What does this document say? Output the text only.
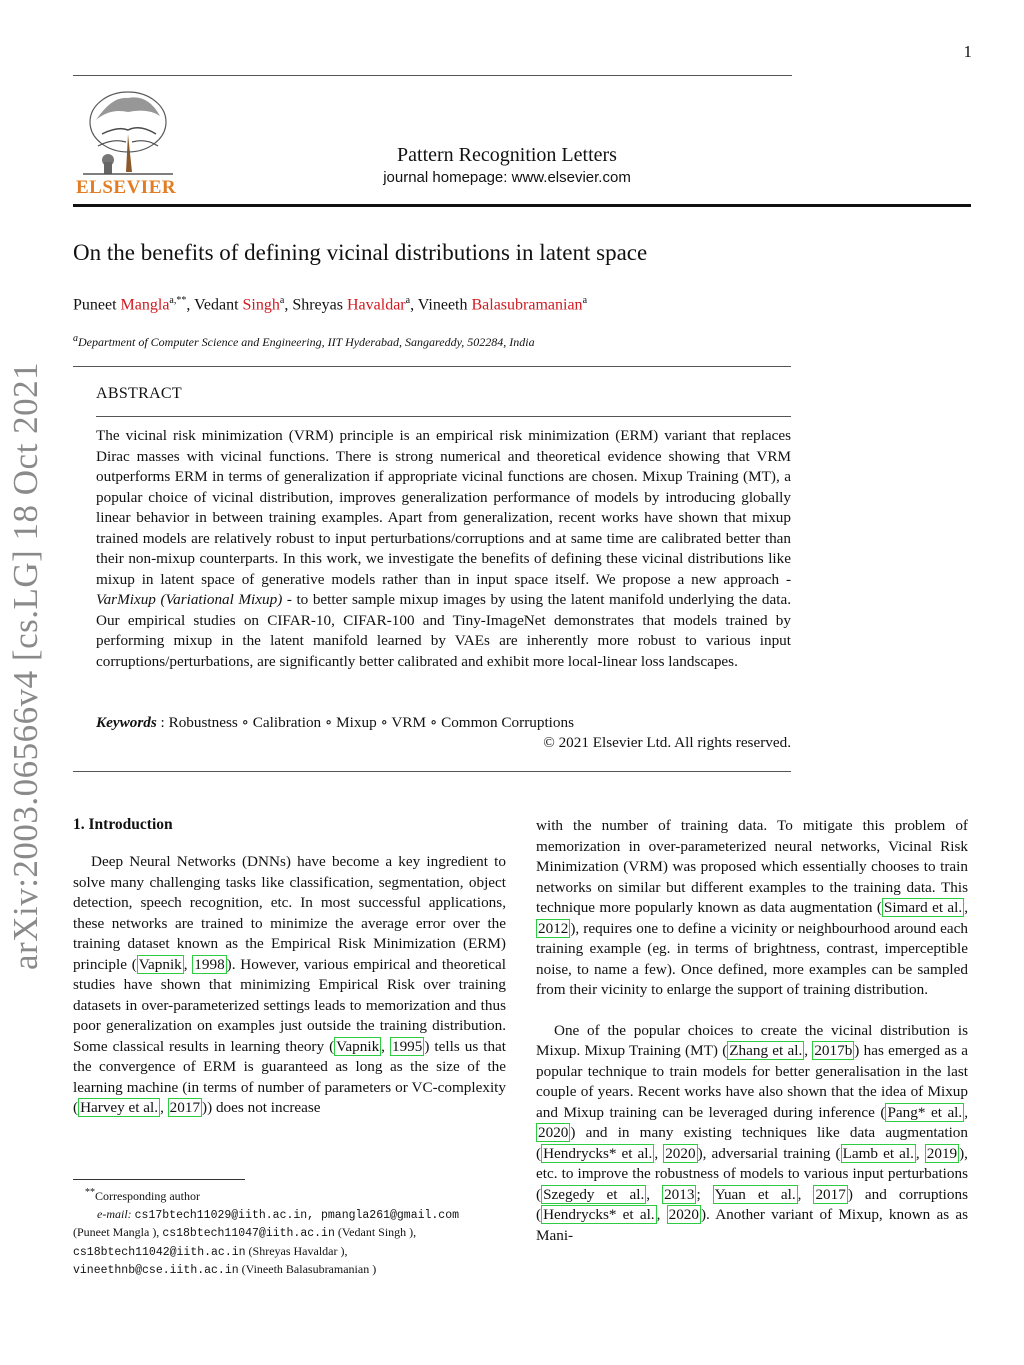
1
ELSEVIER
Pattern Recognition Letters
journal homepage: www.elsevier.com
On the benefits of defining vicinal distributions in latent space
Puneet Mangla$^{a,**}$, Vedant Singh$^a$, Shreyas Havaldar$^a$, Vineeth Balasubramanian$^a$
$^a$Department of Computer Science and Engineering, IIT Hyderabad, Sangareddy, 502284, India
ABSTRACT
The vicinal risk minimization (VRM) principle is an empirical risk minimization (ERM) variant that replaces Dirac masses with vicinal functions. There is strong numerical and theoretical evidence showing that VRM outperforms ERM in terms of generalization if appropriate vicinal functions are chosen. Mixup Training (MT), a popular choice of vicinal distribution, improves generalization performance of models by introducing globally linear behavior in between training examples. Apart from generalization, recent works have shown that mixup trained models are relatively robust to input perturbations/corruptions and at same time are calibrated better than their non-mixup counterparts. In this work, we investigate the benefits of defining these vicinal distributions like mixup in latent space of generative models rather than in input space itself. We propose a new approach - VarMixup (Variational Mixup) - to better sample mixup images by using the latent manifold underlying the data. Our empirical studies on CIFAR-10, CIFAR-100 and Tiny-ImageNet demonstrates that models trained by performing mixup in the latent manifold learned by VAEs are inherently more robust to various input corruptions/perturbations, are significantly better calibrated and exhibit more local-linear loss landscapes.
Keywords : Robustness ∘ Calibration ∘ Mixup ∘ VRM ∘ Common Corruptions
© 2021 Elsevier Ltd. All rights reserved.
1. Introduction

Deep Neural Networks (DNNs) have become a key ingredient to solve many challenging tasks like classification, segmentation, object detection, speech recognition, etc. In most successful applications, these networks are trained to minimize the average error over the training dataset known as the Empirical Risk Minimization (ERM) principle ( Vapnik , 1998 ). However, various empirical and theoretical studies have shown that minimizing Empirical Risk over training datasets in over-parameterized settings leads to memorization and thus poor generalization on examples just outside the training distribution. Some classical results in learning theory ( Vapnik , 1995 ) tells us that the convergence of ERM is guaranteed as long as the size of the learning machine (in terms of number of parameters or VC-complexity ( Harvey et al. , 2017 )) does not increase

with the number of training data. To mitigate this problem of memorization in over-parameterized neural networks, Vicinal Risk Minimization (VRM) was proposed which essentially chooses to train networks on similar but different examples to the training data. This technique more popularly known as data augmentation ( Simard et al. , 2012 ), requires one to define a vicinity or neighbourhood around each training example (eg. in terms of brightness, contrast, imperceptible noise, to name a few). Once defined, more examples can be sampled from their vicinity to enlarge the support of training distribution.

One of the popular choices to create the vicinal distribution is Mixup. Mixup Training (MT) ( Zhang et al. , 2017b ) has emerged as a popular technique to train models for better generalisation in the last couple of years. Recent works have also shown that the idea of Mixup and Mixup training can be leveraged during inference ( Pang* et al. , 2020 ) and in many existing techniques like data augmentation ( Hendrycks* et al. , 2020 ), adversarial training ( Lamb et al. , 2019 ), etc. to improve the robustness of models to various input perturbations ( Szegedy et al. , 2013 ; Yuan et al. , 2017 ) and corruptions ( Hendrycks* et al. , 2020 ). Another variant of Mixup, known as as Mani-

**Corresponding author
e-mail: cs17btech11029@iith.ac.in, pmangla261@gmail.com
(Puneet Mangla ), cs18btech11047@iith.ac.in (Vedant Singh ),
cs18btech11042@iith.ac.in (Shreyas Havaldar ),
vineethnb@cse.iith.ac.in (Vineeth Balasubramanian )
arXiv:2003.06566v4 [cs.LG] 18 Oct 2021
